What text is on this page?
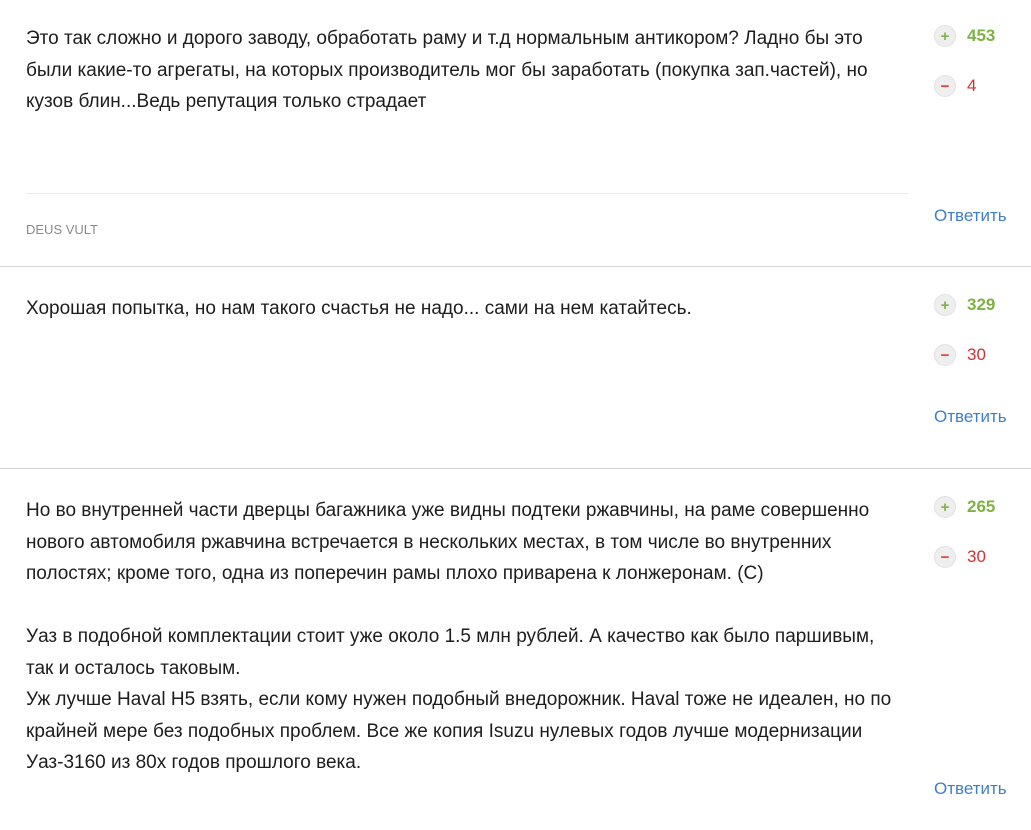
Это так сложно и дорого заводу, обработать раму и т.д нормальным антикором? Ладно бы это были какие-то агрегаты, на которых производитель мог бы заработать (покупка зап.частей), но кузов блин...Ведь репутация только страдает

+	453
−	4
DEUS VULT
Ответить

Хорошая попытка, но нам такого счастья не надо... сами на нем катайтесь.	+	329
−	30
Ответить

Но во внутренней части дверцы багажника уже видны подтеки ржавчины, на раме совершенно нового автомобиля ржавчина встречается в нескольких местах, в том числе во внутренних полостях; кроме того, одна из поперечин рамы плохо приварена к лонжеронам. (С)

Уаз в подобной комплектации стоит уже около 1.5 млн рублей. А качество как было паршивым, так и осталось таковым.
Уж лучше Haval H5 взять, если кому нужен подобный внедорожник. Haval тоже не идеален, но по крайней мере без подобных проблем. Все же копия Isuzu нулевых годов лучше модернизации Уаз-3160 из 80х годов прошлого века.

+	265
−	30
Ответить
